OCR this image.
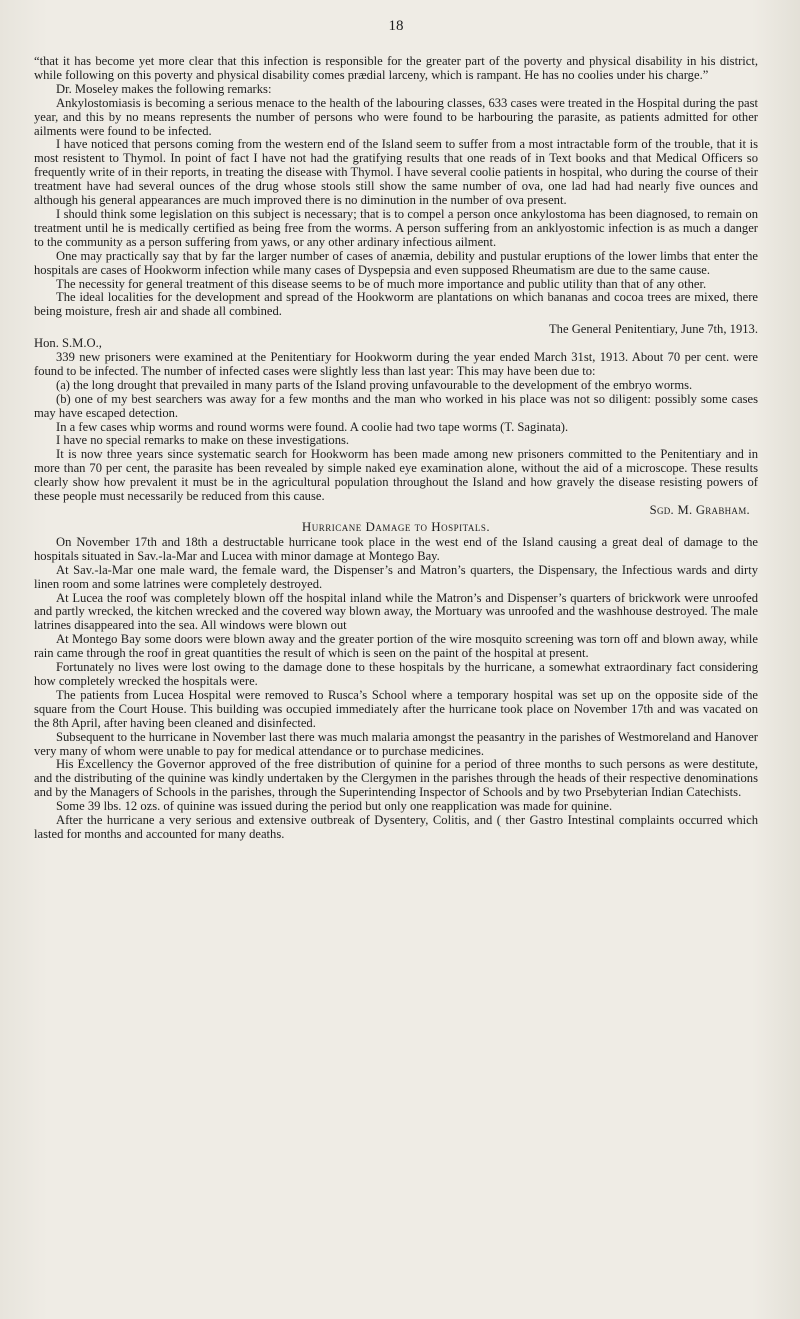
18

“that it has become yet more clear that this infection is responsible for the greater part of the poverty and physical disability in his district, while following on this poverty and physical disability comes prædial larceny, which is rampant. He has no coolies under his charge.”

Dr. Moseley makes the following remarks:

Ankylostomiasis is becoming a serious menace to the health of the labouring classes, 633 cases were treated in the Hospital during the past year, and this by no means represents the number of persons who were found to be harbouring the parasite, as patients admitted for other ailments were found to be infected.

I have noticed that persons coming from the western end of the Island seem to suffer from a most intractable form of the trouble, that it is most resistent to Thymol. In point of fact I have not had the gratifying results that one reads of in Text books and that Medical Officers so frequently write of in their reports, in treating the disease with Thymol. I have several coolie patients in hospital, who during the course of their treatment have had several ounces of the drug whose stools still show the same number of ova, one lad had had nearly five ounces and although his general appearances are much improved there is no diminution in the number of ova present.

I should think some legislation on this subject is necessary; that is to compel a person once ankylostoma has been diagnosed, to remain on treatment until he is medically certified as being free from the worms. A person suffering from an anklyostomic infection is as much a danger to the community as a person suffering from yaws, or any other ardinary infectious ailment.

One may practically say that by far the larger number of cases of anæmia, debility and pustular eruptions of the lower limbs that enter the hospitals are cases of Hookworm infection while many cases of Dyspepsia and even supposed Rheumatism are due to the same cause.

The necessity for general treatment of this disease seems to be of much more importance and public utility than that of any other.

The ideal localities for the development and spread of the Hookworm are plantations on which bananas and cocoa trees are mixed, there being moisture, fresh air and shade all combined.

The General Penitentiary, June 7th, 1913.

Hon. S.M.O.,

339 new prisoners were examined at the Penitentiary for Hookworm during the year ended March 31st, 1913. About 70 per cent. were found to be infected. The number of infected cases were slightly less than last year: This may have been due to:

(a) the long drought that prevailed in many parts of the Island proving unfavourable to the development of the embryo worms.

(b) one of my best searchers was away for a few months and the man who worked in his place was not so diligent: possibly some cases may have escaped detection.

In a few cases whip worms and round worms were found. A coolie had two tape worms (T. Saginata).

I have no special remarks to make on these investigations.

It is now three years since systematic search for Hookworm has been made among new prisoners committed to the Penitentiary and in more than 70 per cent, the parasite has been revealed by simple naked eye examination alone, without the aid of a microscope. These results clearly show how prevalent it must be in the agricultural population throughout the Island and how gravely the disease resisting powers of these people must necessarily be reduced from this cause.

Sgd. M. Grabham.

Hurricane Damage to Hospitals.

On November 17th and 18th a destructable hurricane took place in the west end of the Island causing a great deal of damage to the hospitals situated in Sav.-la-Mar and Lucea with minor damage at Montego Bay.

At Sav.-la-Mar one male ward, the female ward, the Dispenser’s and Matron’s quarters, the Dispensary, the Infectious wards and dirty linen room and some latrines were completely destroyed.

At Lucea the roof was completely blown off the hospital inland while the Matron’s and Dispenser’s quarters of brickwork were unroofed and partly wrecked, the kitchen wrecked and the covered way blown away, the Mortuary was unroofed and the washhouse destroyed. The male latrines disappeared into the sea. All windows were blown out

At Montego Bay some doors were blown away and the greater portion of the wire mosquito screening was torn off and blown away, while rain came through the roof in great quantities the result of which is seen on the paint of the hospital at present.

Fortunately no lives were lost owing to the damage done to these hospitals by the hurricane, a somewhat extraordinary fact considering how completely wrecked the hospitals were.

The patients from Lucea Hospital were removed to Rusca’s School where a temporary hospital was set up on the opposite side of the square from the Court House. This building was occupied immediately after the hurricane took place on November 17th and was vacated on the 8th April, after having been cleaned and disinfected.

Subsequent to the hurricane in November last there was much malaria amongst the peasantry in the parishes of Westmoreland and Hanover very many of whom were unable to pay for medical attendance or to purchase medicines.

His Excellency the Governor approved of the free distribution of quinine for a period of three months to such persons as were destitute, and the distributing of the quinine was kindly undertaken by the Clergymen in the parishes through the heads of their respective denominations and by the Managers of Schools in the parishes, through the Superintending Inspector of Schools and by two Prsebyterian Indian Catechists.

Some 39 lbs. 12 ozs. of quinine was issued during the period but only one reapplication was made for quinine.

After the hurricane a very serious and extensive outbreak of Dysentery, Colitis, and ( ther Gastro Intestinal complaints occurred which lasted for months and accounted for many deaths.
